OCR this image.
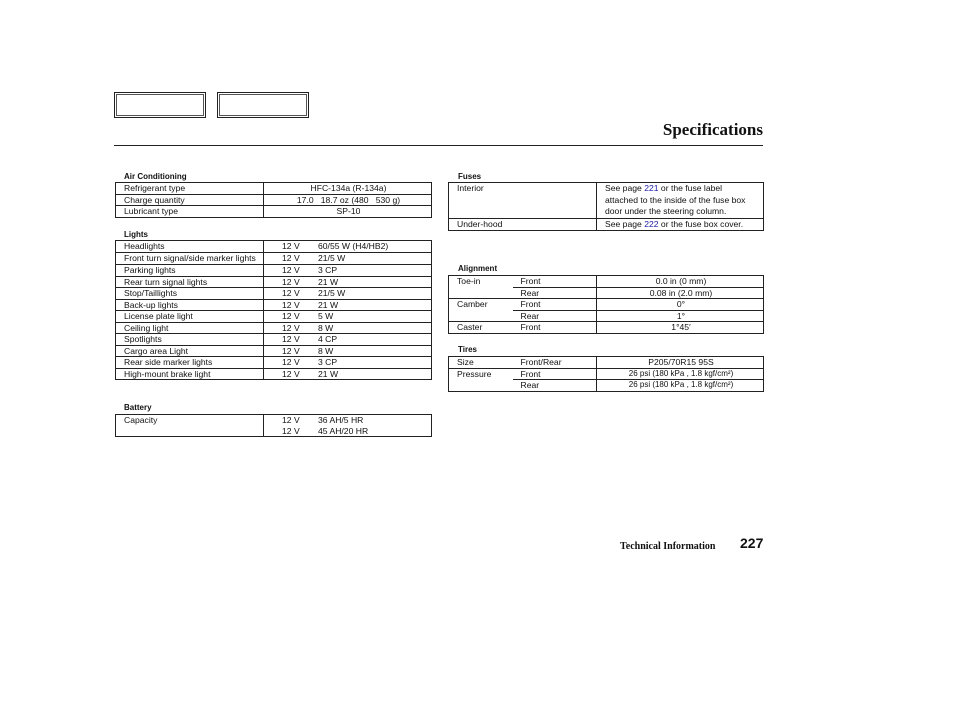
Specifications
Air Conditioning
Refrigerant type	HFC-134a (R-134a)
Charge quantity	17.0   18.7 oz (480   530 g)
Lubricant type	SP-10
Lights
Headlights	12 V 60/55 W (H4/HB2)
Front turn signal/side marker lights	12 V 21/5 W
Parking lights	12 V 3 CP
Rear turn signal lights	12 V 21 W
Stop/Taillights	12 V 21/5 W
Back-up lights	12 V 21 W
License plate light	12 V 5 W
Ceiling light	12 V 8 W
Spotlights	12 V 4 CP
Cargo area Light	12 V 8 W
Rear side marker lights	12 V 3 CP
High-mount brake light	12 V 21 W
Battery
Capacity	12 V 36 AH/5 HR
	12 V 45 AH/20 HR
Fuses
Interior	See page 221 or the fuse label attached to the inside of the fuse box door under the steering column.
Under-hood	See page 222 or the fuse box cover.
Alignment
Toe-in	Front	0.0 in (0 mm)
	Rear	0.08 in (2.0 mm)
Camber	Front	0°
	Rear	1°
Caster	Front	1°45′
Tires
Size	Front/Rear	P205/70R15 95S
Pressure	Front	26 psi (180 kPa , 1.8 kgf/cm²)
	Rear	26 psi (180 kPa , 1.8 kgf/cm²)
Technical Information 227
